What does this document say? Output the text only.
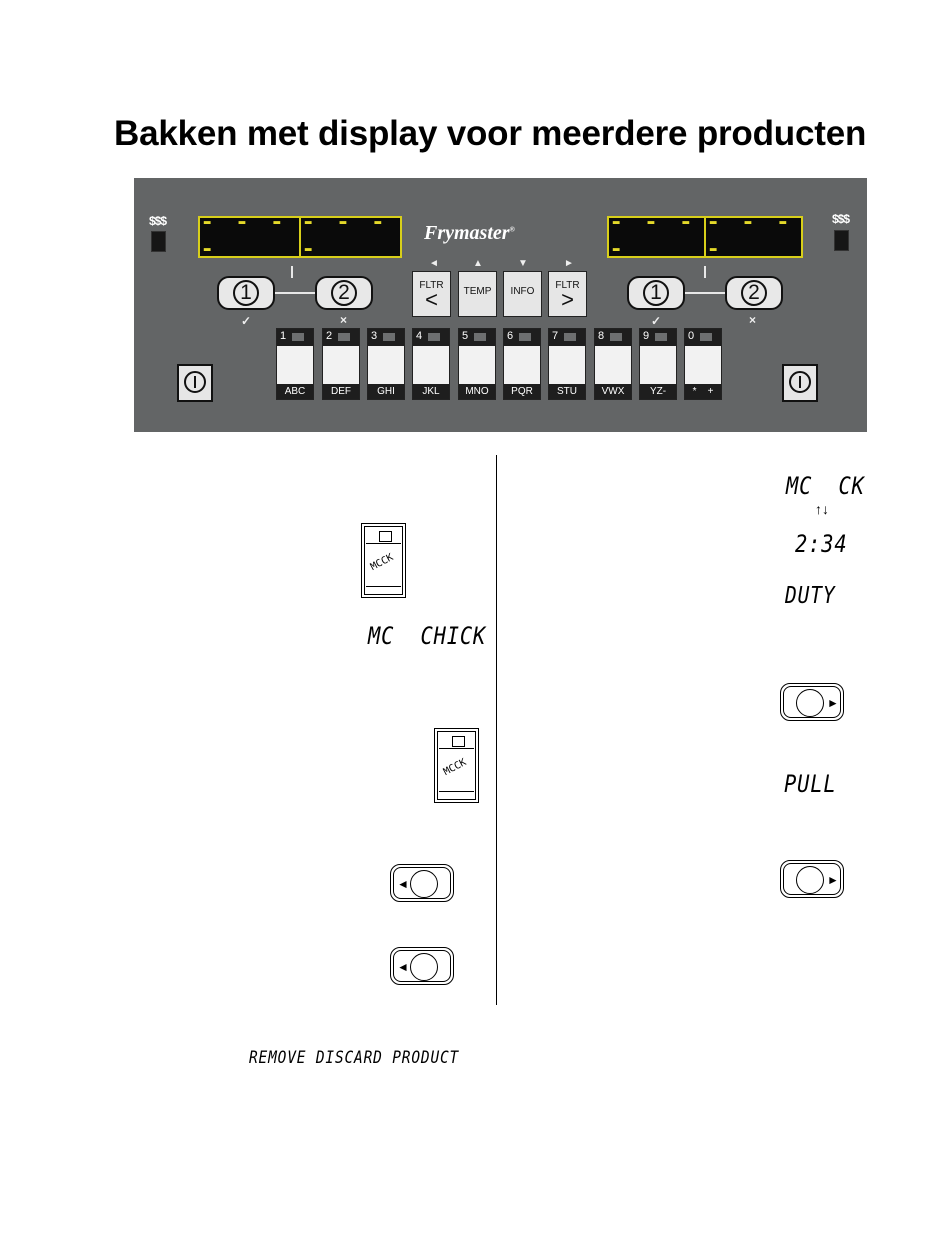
Bakken met display voor meerdere producten
$$$	$$$
- - - -
- - - -
- - - -
- - - -
Frymaster®
1	2
✓	×
1	2
✓	×
◄	▲	▼	►
FLTR
<	TEMP	INFO
FLTR
>
1
ABC
2
DEF
3
GHI
4
JKL
5
MNO
6
PQR
7
STU
8
VWX
9
YZ-
0
*    +
MCCK
MC  CHICK
MCCK
◄
◄
MC  CK
↑↓
2:34
DUTY
►
PULL
►
REMOVE DISCARD PRODUCT
